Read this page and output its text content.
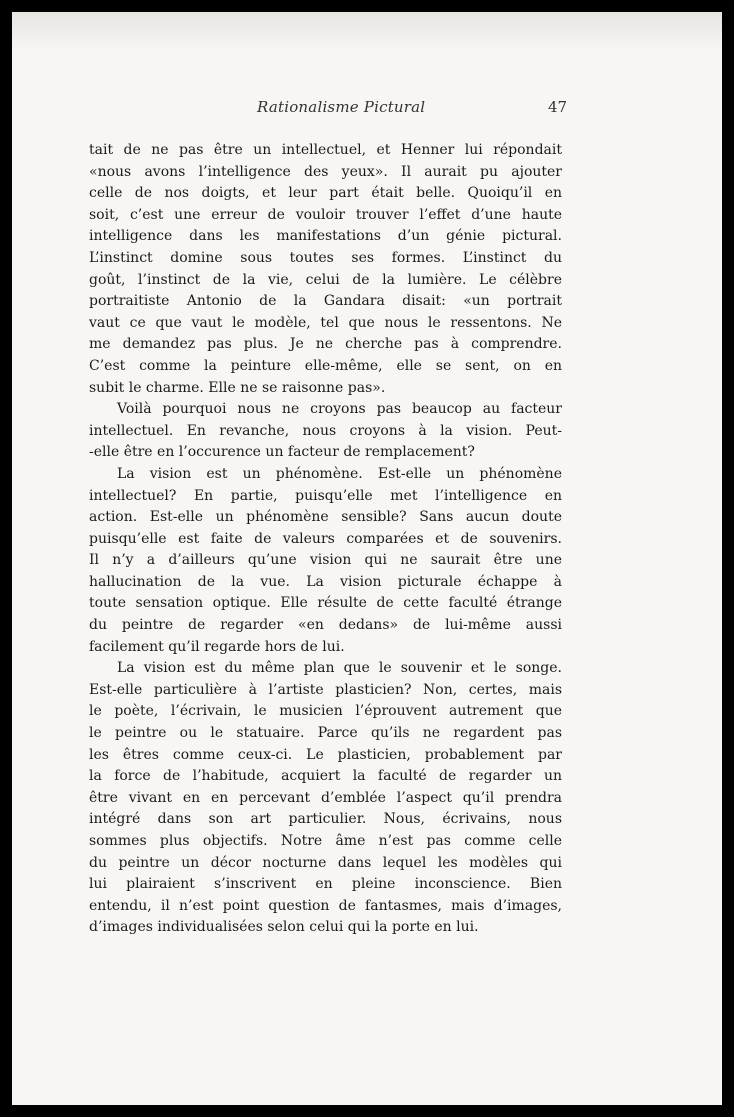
Rationalisme Pictural	47
tait de ne pas être un intellectuel, et Henner lui répondait
«nous avons l’intelligence des yeux». Il aurait pu ajouter
celle de nos doigts, et leur part était belle. Quoiqu’il en
soit, c’est une erreur de vouloir trouver l’effet d’une haute
intelligence dans les manifestations d’un génie pictural.
L’instinct domine sous toutes ses formes. L’instinct du
goût, l’instinct de la vie, celui de la lumière. Le célèbre
portraitiste Antonio de la Gandara disait: «un portrait
vaut ce que vaut le modèle, tel que nous le ressentons. Ne
me demandez pas plus. Je ne cherche pas à comprendre.
C’est comme la peinture elle-même, elle se sent, on en
subit le charme. Elle ne se raisonne pas».
Voilà pourquoi nous ne croyons pas beaucop au facteur
intellectuel. En revanche, nous croyons à la vision. Peut-
-elle être en l’occurence un facteur de remplacement?
La vision est un phénomène. Est-elle un phénomène
intellectuel? En partie, puisqu’elle met l’intelligence en
action. Est-elle un phénomène sensible? Sans aucun doute
puisqu’elle est faite de valeurs comparées et de souvenirs.
Il n’y a d’ailleurs qu’une vision qui ne saurait être une
hallucination de la vue. La vision picturale échappe à
toute sensation optique. Elle résulte de cette faculté étrange
du peintre de regarder «en dedans» de lui-même aussi
facilement qu’il regarde hors de lui.
La vision est du même plan que le souvenir et le songe.
Est-elle particulière à l’artiste plasticien? Non, certes, mais
le poète, l’écrivain, le musicien l’éprouvent autrement que
le peintre ou le statuaire. Parce qu’ils ne regardent pas
les êtres comme ceux-ci. Le plasticien, probablement par
la force de l’habitude, acquiert la faculté de regarder un
être vivant en en percevant d’emblée l’aspect qu’il prendra
intégré dans son art particulier. Nous, écrivains, nous
sommes plus objectifs. Notre âme n’est pas comme celle
du peintre un décor nocturne dans lequel les modèles qui
lui plairaient s’inscrivent en pleine inconscience. Bien
entendu, il n’est point question de fantasmes, mais d’images,
d’images individualisées selon celui qui la porte en lui.
